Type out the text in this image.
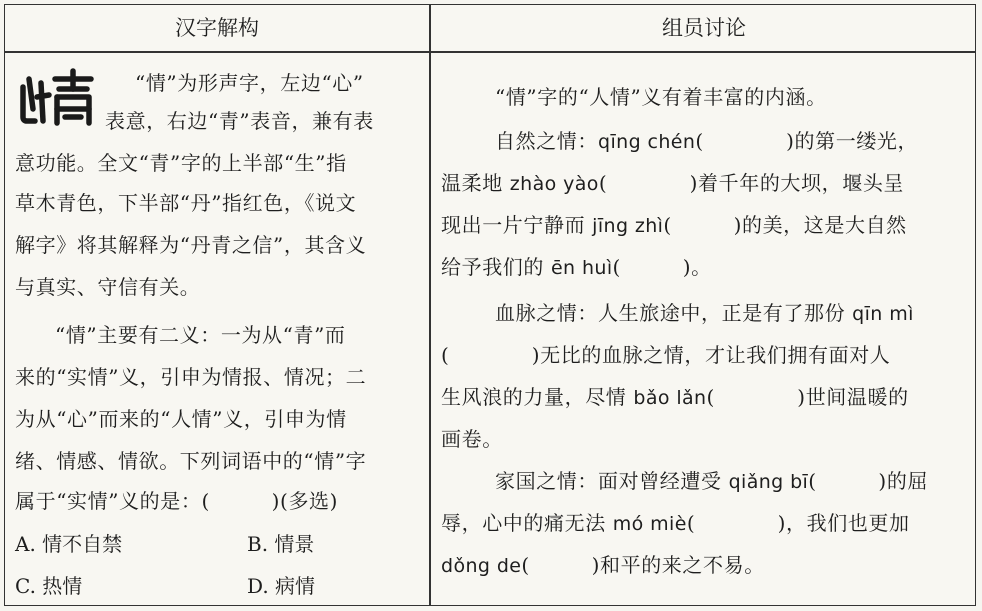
汉字解构	组员讨论
“情”为形声字，左边“心”
表意，右边“青”表音，兼有表
意功能。全文“青”字的上半部“生”指
草木青色，下半部“丹”指红色，《说文
解字》将其解释为“丹青之信”，其含义
与真实、守信有关。
“情”主要有二义：一为从“青”而
来的“实情”义，引申为情报、情况；二
为从“心”而来的“人情”义，引申为情
绪、情感、情欲。下列词语中的“情”字
属于“实情”义的是：(　　　)(多选)
A. 情不自禁	B. 情景
C. 热情	D. 病情
“情”字的“人情”义有着丰富的内涵。
自然之情：qīng chén(　　　　)的第一缕光，
温柔地 zhào yào(　　　　)着千年的大坝，堰头呈
现出一片宁静而 jīng zhì(　　　)的美，这是大自然
给予我们的 ēn huì(　　　)。
血脉之情：人生旅途中，正是有了那份 qīn mì
(　　　　)无比的血脉之情，才让我们拥有面对人
生风浪的力量，尽情 bǎo lǎn(　　　　)世间温暖的
画卷。
家国之情：面对曾经遭受 qiǎng bī(　　　)的屈
辱，心中的痛无法 mó miè(　　　　)，我们也更加
dǒng de(　　　)和平的来之不易。
